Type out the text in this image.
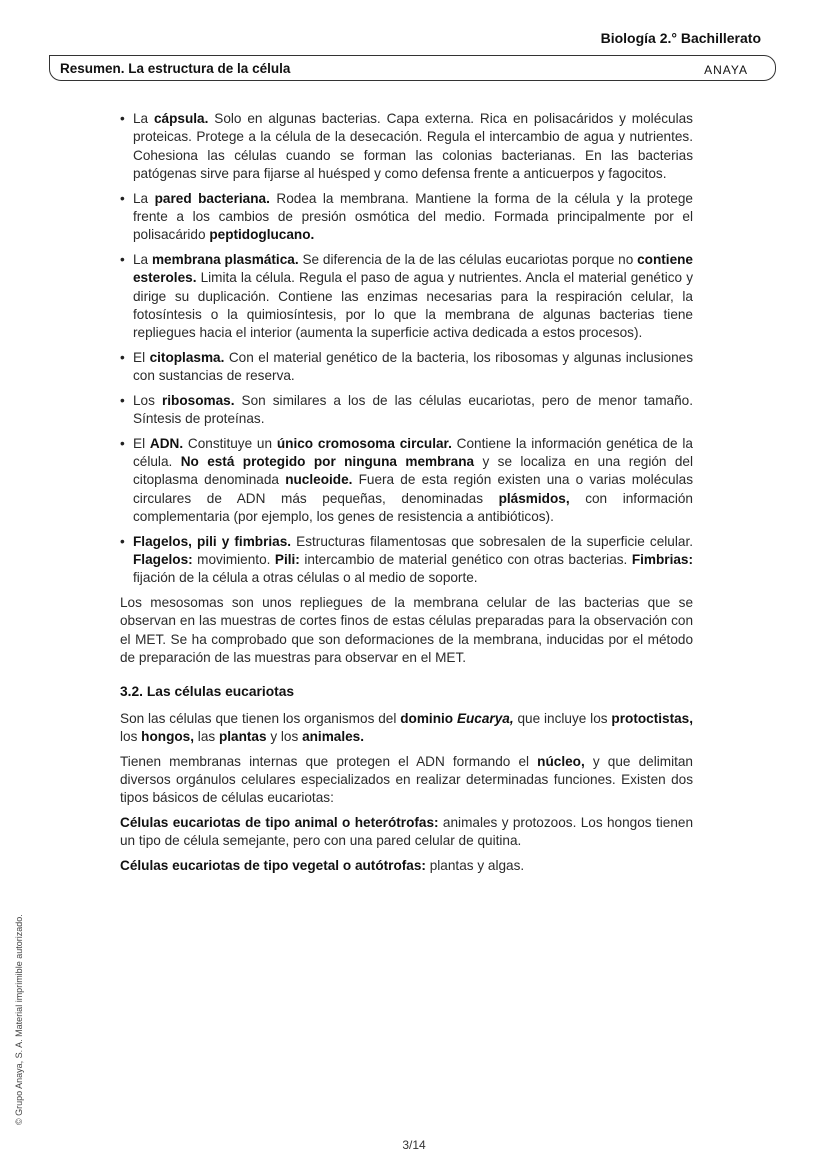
Biología 2.° Bachillerato
Resumen. La estructura de la célula	ANAYA
• La cápsula. Solo en algunas bacterias. Capa externa. Rica en polisacáridos y moléculas proteicas. Protege a la célula de la desecación. Regula el intercambio de agua y nutrientes. Cohesiona las células cuando se forman las colonias bacterianas. En las bacterias patógenas sirve para fijarse al huésped y como defensa frente a anticuerpos y fagocitos.
• La pared bacteriana. Rodea la membrana. Mantiene la forma de la célula y la protege frente a los cambios de presión osmótica del medio. Formada principalmente por el polisacárido peptidoglucano.
• La membrana plasmática. Se diferencia de la de las células eucariotas porque no contiene esteroles. Limita la célula. Regula el paso de agua y nutrientes. Ancla el material genético y dirige su duplicación. Contiene las enzimas necesarias para la respiración celular, la fotosíntesis o la quimiosíntesis, por lo que la membrana de algunas bacterias tiene repliegues hacia el interior (aumenta la superficie activa dedicada a estos procesos).
• El citoplasma. Con el material genético de la bacteria, los ribosomas y algunas inclusiones con sustancias de reserva.
• Los ribosomas. Son similares a los de las células eucariotas, pero de menor tamaño. Síntesis de proteínas.
• El ADN. Constituye un único cromosoma circular. Contiene la información genética de la célula. No está protegido por ninguna membrana y se localiza en una región del citoplasma denominada nucleoide. Fuera de esta región existen una o varias moléculas circulares de ADN más pequeñas, denominadas plásmidos, con información complementaria (por ejemplo, los genes de resistencia a antibióticos).
• Flagelos, pili y fimbrias. Estructuras filamentosas que sobresalen de la superficie celular. Flagelos: movimiento. Pili: intercambio de material genético con otras bacterias. Fimbrias: fijación de la célula a otras células o al medio de soporte.

Los mesosomas son unos repliegues de la membrana celular de las bacterias que se observan en las muestras de cortes finos de estas células preparadas para la observación con el MET. Se ha comprobado que son deformaciones de la membrana, inducidas por el método de preparación de las muestras para observar en el MET.

3.2. Las células eucariotas

Son las células que tienen los organismos del dominio Eucarya, que incluye los protoctistas, los hongos, las plantas y los animales.

Tienen membranas internas que protegen el ADN formando el núcleo, y que delimitan diversos orgánulos celulares especializados en realizar determinadas funciones. Existen dos tipos básicos de células eucariotas:

Células eucariotas de tipo animal o heterótrofas: animales y protozoos. Los hongos tienen un tipo de célula semejante, pero con una pared celular de quitina.

Células eucariotas de tipo vegetal o autótrofas: plantas y algas.

© Grupo Anaya, S. A. Material imprimible autorizado.
3/14
